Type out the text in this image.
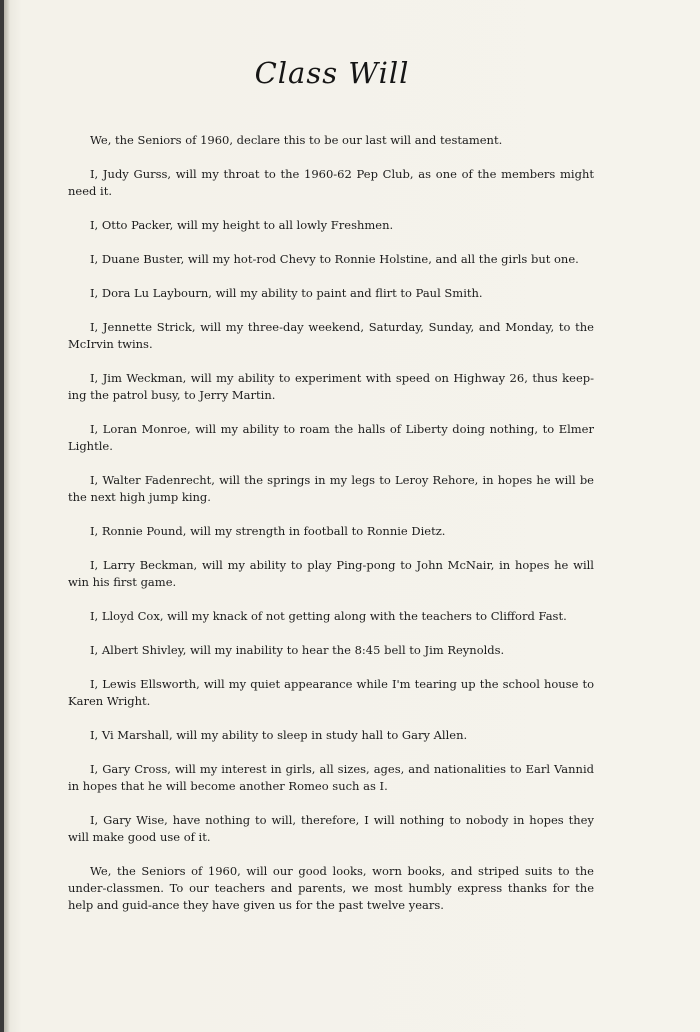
Class Will

We, the Seniors of 1960, declare this to be our last will and testament.

I, Judy Gurss, will my throat to the 1960-62 Pep Club, as one of the members might need it.

I, Otto Packer, will my height to all lowly Freshmen.

I, Duane Buster, will my hot-rod Chevy to Ronnie Holstine, and all the girls but one.

I, Dora Lu Laybourn, will my ability to paint and flirt to Paul Smith.

I, Jennette Strick, will my three-day weekend, Saturday, Sunday, and Monday, to the McIrvin twins.

I, Jim Weckman, will my ability to experiment with speed on Highway 26, thus keep-ing the patrol busy, to Jerry Martin.

I, Loran Monroe, will my ability to roam the halls of Liberty doing nothing, to Elmer Lightle.

I, Walter Fadenrecht, will the springs in my legs to Leroy Rehore, in hopes he will be the next high jump king.

I, Ronnie Pound, will my strength in football to Ronnie Dietz.

I, Larry Beckman, will my ability to play Ping-pong to John McNair, in hopes he will win his first game.

I, Lloyd Cox, will my knack of not getting along with the teachers to Clifford Fast.

I, Albert Shivley, will my inability to hear the 8:45 bell to Jim Reynolds.

I, Lewis Ellsworth, will my quiet appearance while I'm tearing up the school house to Karen Wright.

I, Vi Marshall, will my ability to sleep in study hall to Gary Allen.

I, Gary Cross, will my interest in girls, all sizes, ages, and nationalities to Earl Vannid in hopes that he will become another Romeo such as I.

I, Gary Wise, have nothing to will, therefore, I will nothing to nobody in hopes they will make good use of it.

We, the Seniors of 1960, will our good looks, worn books, and striped suits to the under-classmen. To our teachers and parents, we most humbly express thanks for the help and guid-ance they have given us for the past twelve years.
